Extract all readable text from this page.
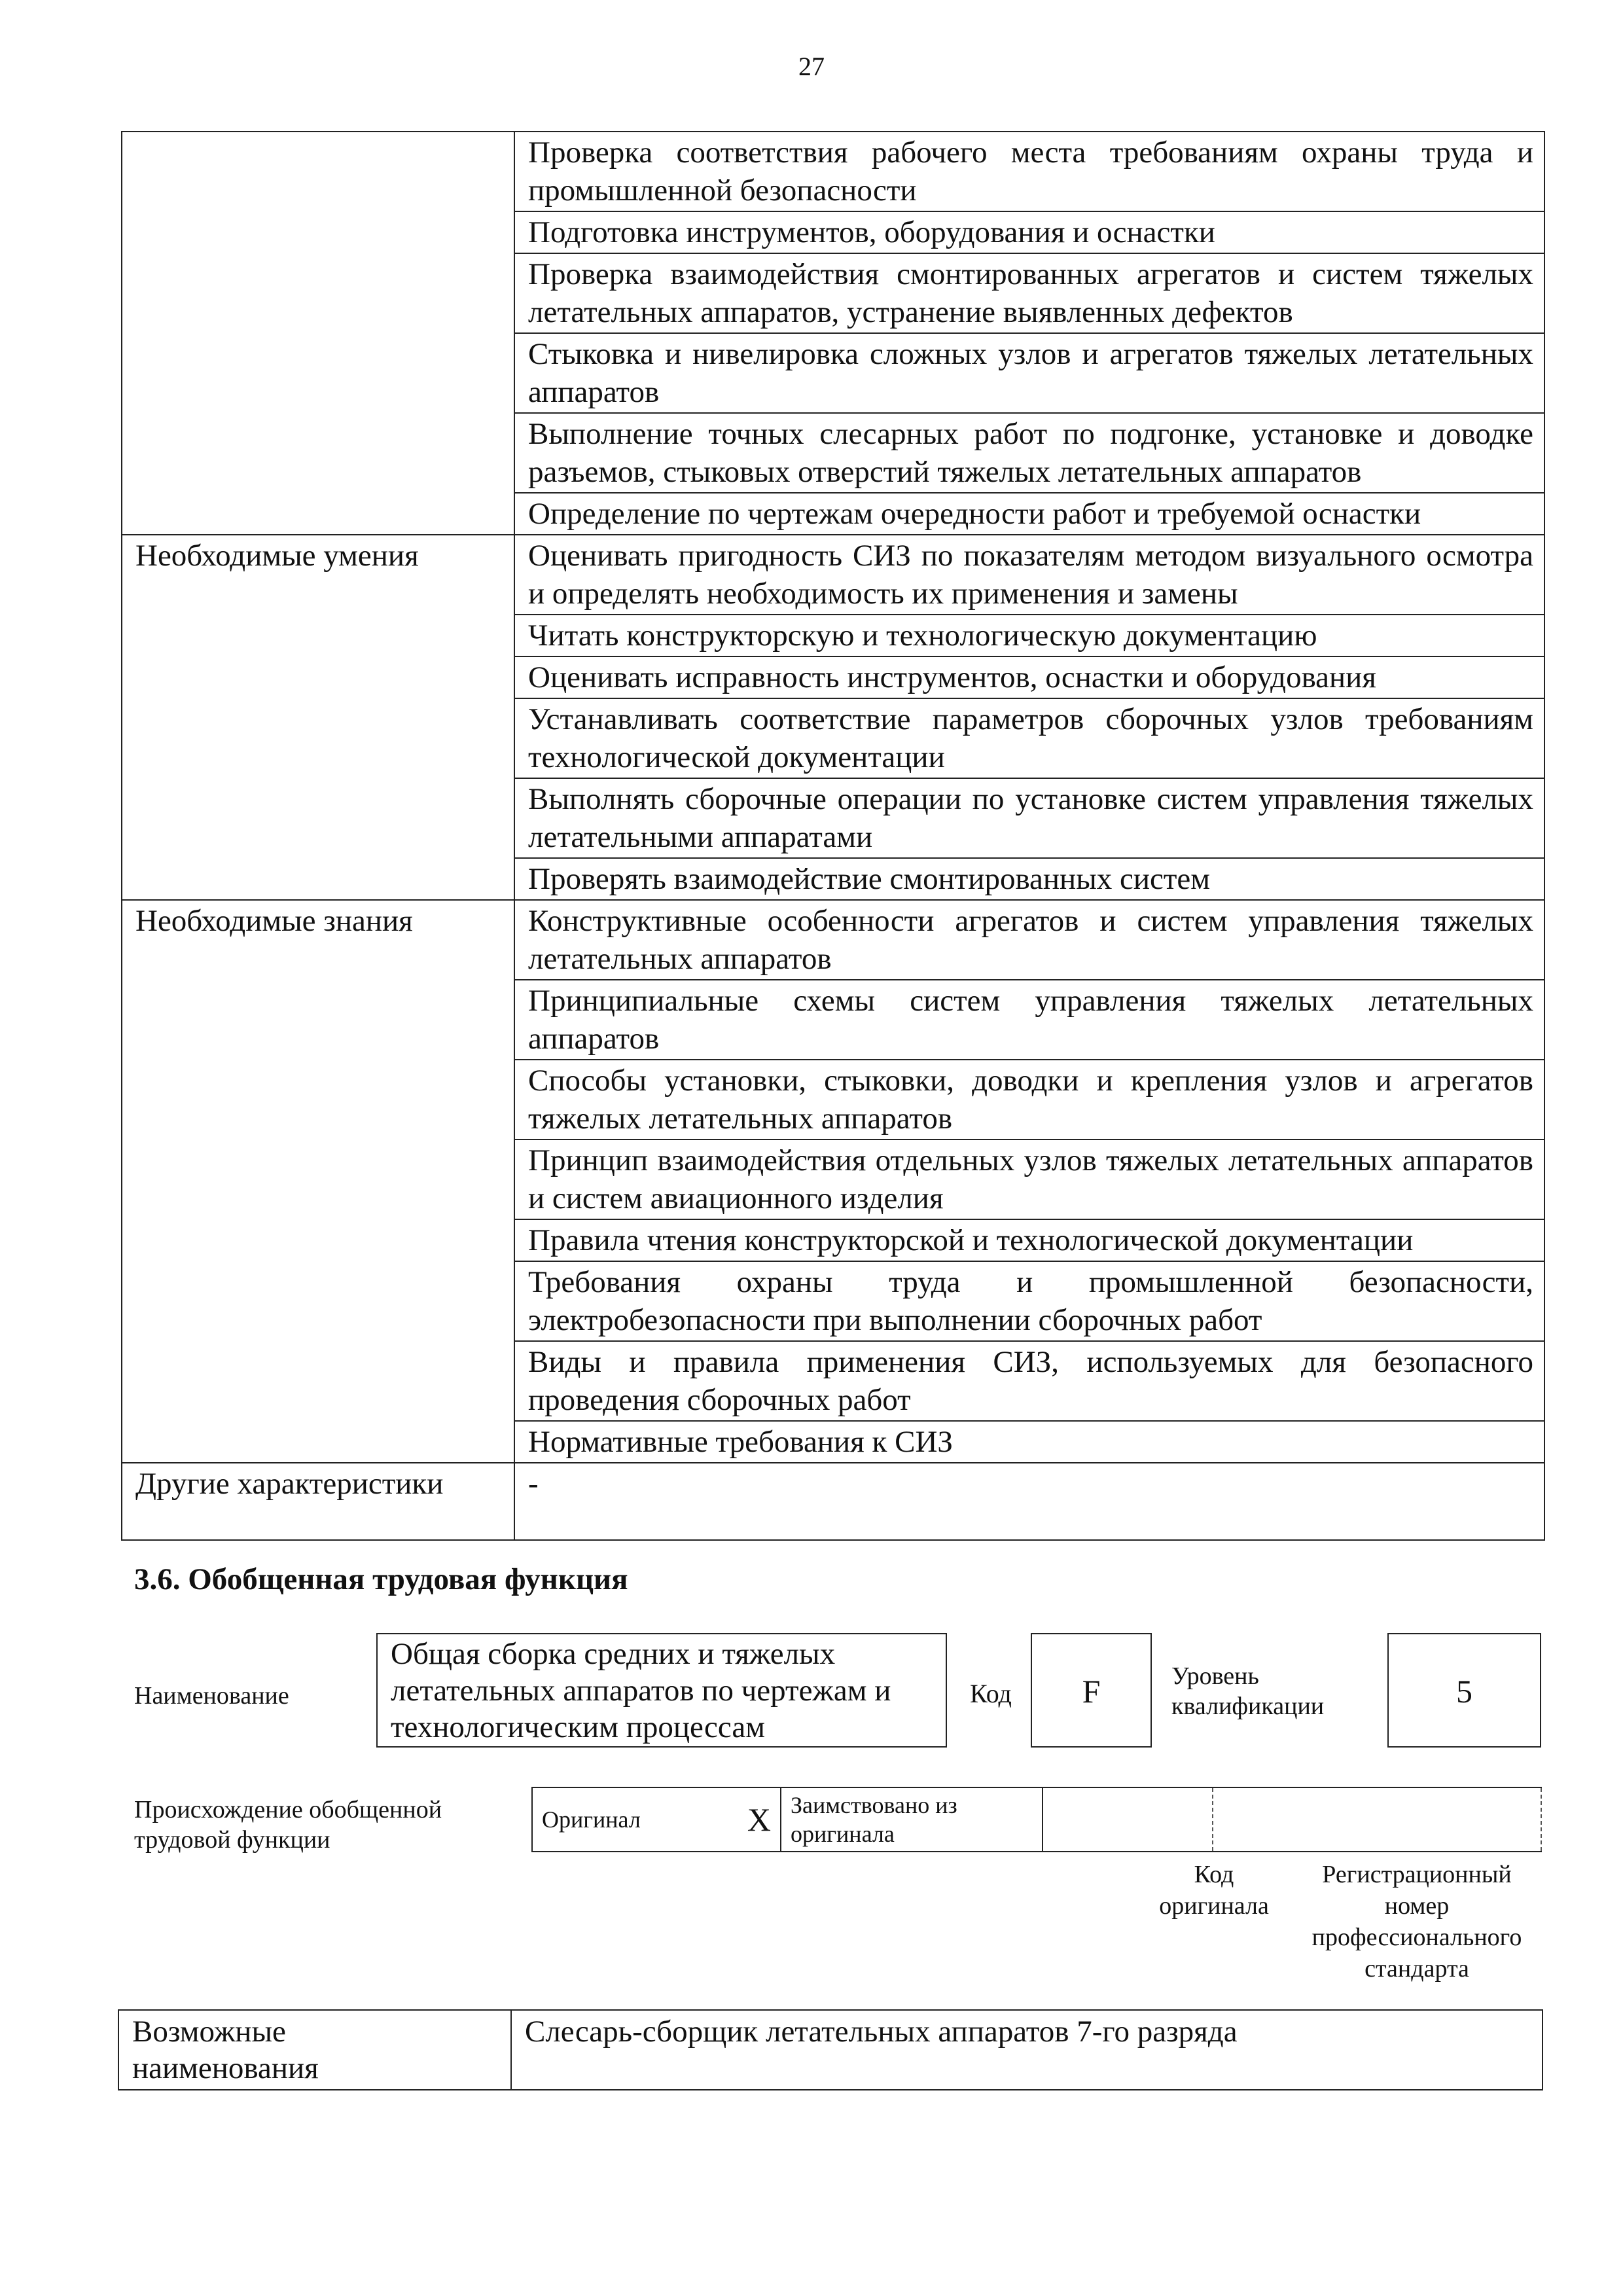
27
	Проверка соответствия рабочего места требованиям охраны труда и промышленной безопасности
	Подготовка инструментов, оборудования и оснастки
	Проверка взаимодействия смонтированных агрегатов и систем тяжелых летательных аппаратов, устранение выявленных дефектов
	Стыковка и нивелировка сложных узлов и агрегатов тяжелых летательных аппаратов
	Выполнение точных слесарных работ по подгонке, установке и доводке разъемов, стыковых отверстий тяжелых летательных аппаратов
	Определение по чертежам очередности работ и требуемой оснастки
Необходимые умения	Оценивать пригодность СИЗ по показателям методом визуального осмотра и определять необходимость их применения и замены
	Читать конструкторскую и технологическую документацию
	Оценивать исправность инструментов, оснастки и оборудования
	Устанавливать соответствие параметров сборочных узлов требованиям технологической документации
	Выполнять сборочные операции по установке систем управления тяжелых летательными аппаратами
	Проверять взаимодействие смонтированных систем
Необходимые знания	Конструктивные особенности агрегатов и систем управления тяжелых летательных аппаратов
	Принципиальные схемы систем управления тяжелых летательных аппаратов
	Способы установки, стыковки, доводки и крепления узлов и агрегатов тяжелых летательных аппаратов
	Принцип взаимодействия отдельных узлов тяжелых летательных аппаратов и систем авиационного изделия
	Правила чтения конструкторской и технологической документации
	Требования охраны труда и промышленной безопасности, электробезопасности при выполнении сборочных работ
	Виды и правила применения СИЗ, используемых для безопасного проведения сборочных работ
	Нормативные требования к СИЗ
Другие характеристики	-
3.6. Обобщенная трудовая функция
Наименование
Общая сборка средних и тяжелых летательных аппаратов по чертежам и технологическим процессам
Код	F	Уровень
квалификации	5
Происхождение обобщенной
трудовой функции
Оригинал	X	Заимствовано из
оригинала

Код
оригинала
Регистрационный
номер
профессионального
стандарта
Возможные
наименования
	Слесарь-сборщик летательных аппаратов 7-го разряда
